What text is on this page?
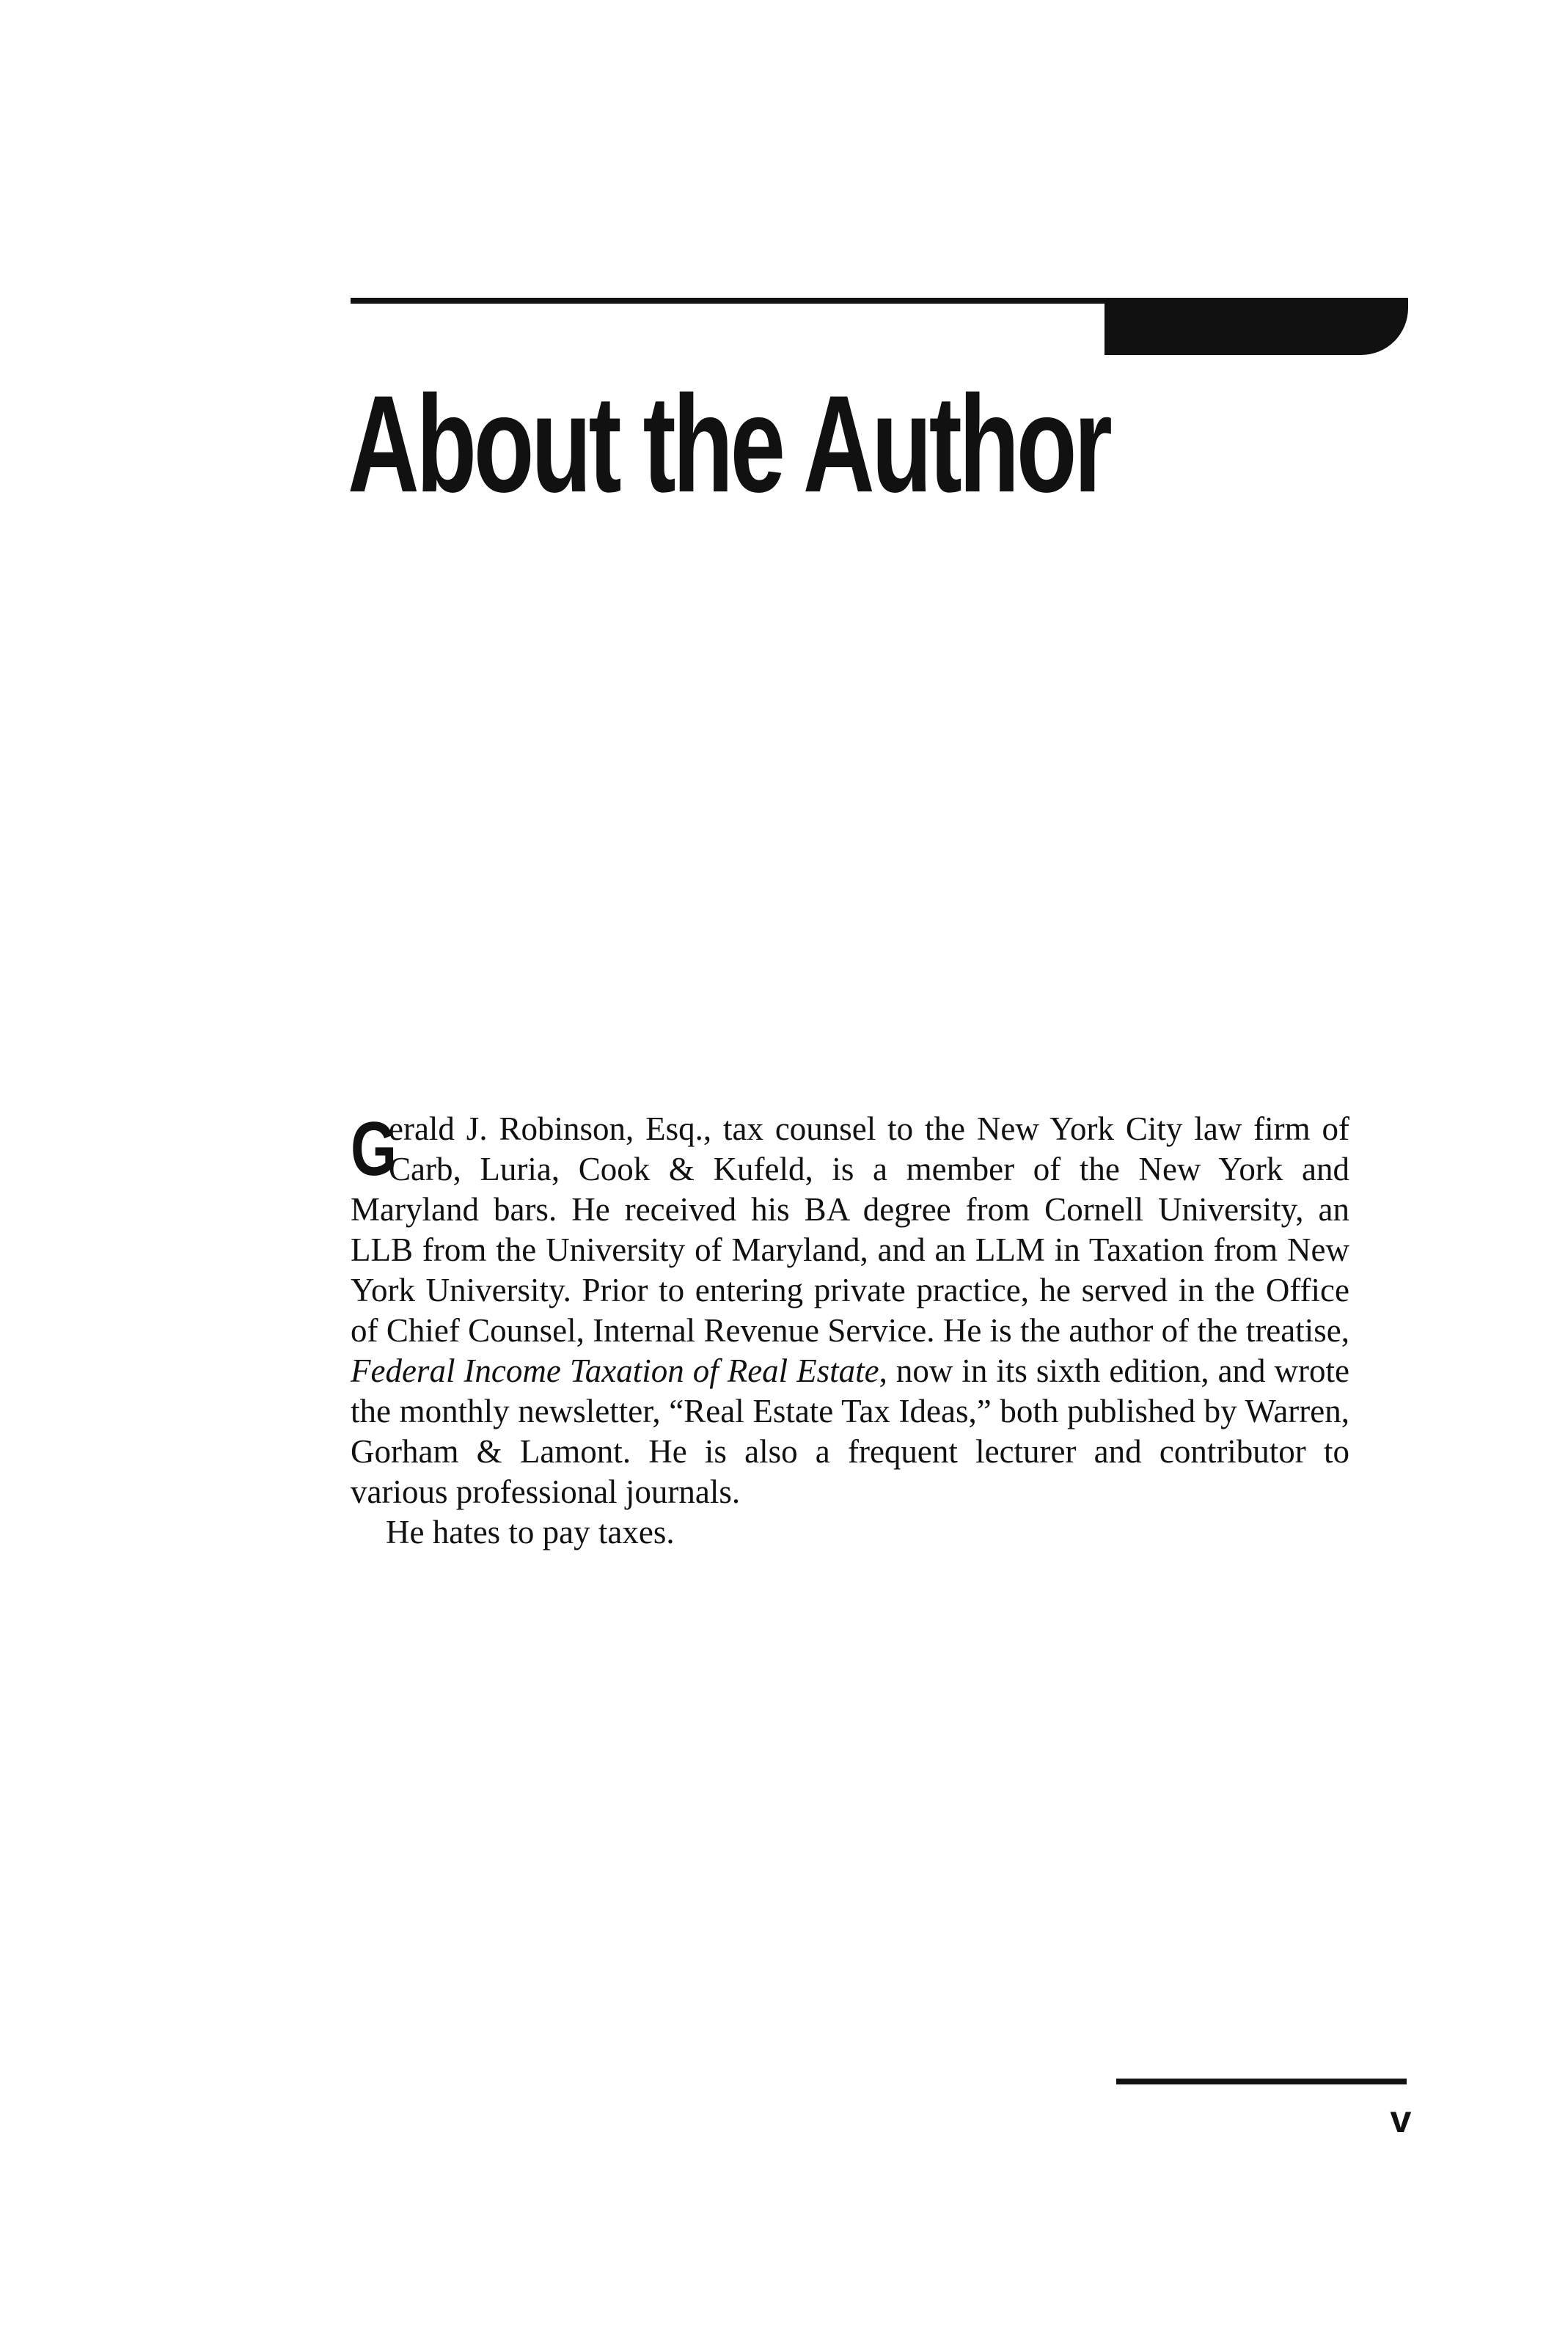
About the Author

G
erald J. Robinson, Esq., tax counsel to the New York City law firm of Carb, Luria, Cook & Kufeld, is a member of the New York and Maryland bars. He received his BA degree from Cornell University, an LLB from the University of Maryland, and an LLM in Taxation from New York University. Prior to entering private practice, he served in the Office of Chief Counsel, Internal Revenue Service. He is the author of the treatise, Federal Income Taxation of Real Estate, now in its sixth edition, and wrote the monthly newsletter, “Real Estate Tax Ideas,” both published by Warren, Gorham & Lamont. He is also a frequent lecturer and contributor to various professional journals.

He hates to pay taxes.

v
